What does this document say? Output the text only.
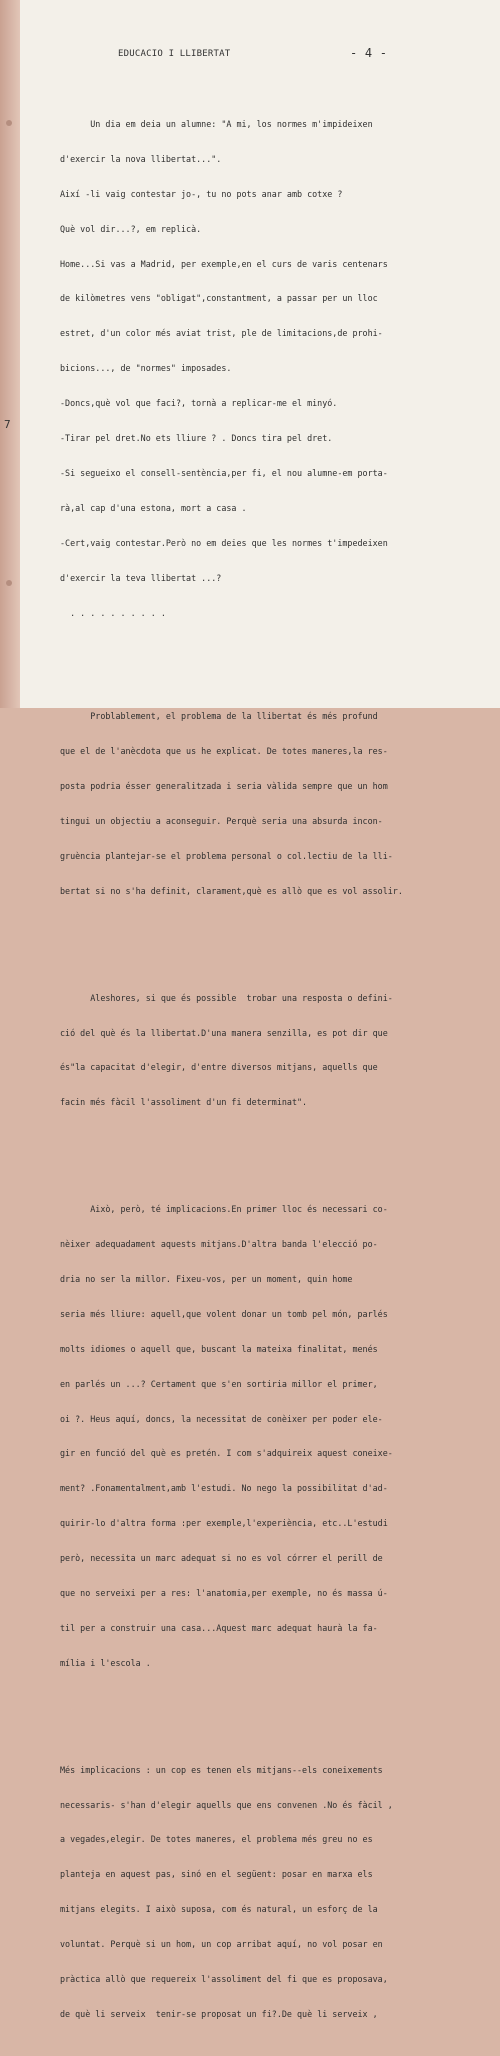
7
EDUCACIO I LLIBERTAT	- 4 -

Un dia em deia un alumne: "A mi, los normes m'impideixen

d'exercir la nova llibertat...".

Així -li vaig contestar jo-, tu no pots anar amb cotxe ?

Què vol dir...?, em replicà.

Home...Si vas a Madrid, per exemple,en el curs de varis centenars

de kilòmetres vens "obligat",constantment, a passar per un lloc

estret, d'un color més aviat trist, ple de limitacions,de prohi-

bicions..., de "normes" imposades.

-Doncs,què vol que faci?, tornà a replicar-me el minyó.

-Tirar pel dret.No ets lliure ? . Doncs tira pel dret.

-Si segueixo el consell-sentència,per fi, el nou alumne-em porta-

rà,al cap d'una estona, mort a casa .

-Cert,vaig contestar.Però no em deies que les normes t'impedeixen

d'exercir la teva llibertat ...?

. . . . . . . . . .

Problablement, el problema de la llibertat és més profund

que el de l'anècdota que us he explicat. De totes maneres,la res-

posta podria ésser generalitzada i seria vàlida sempre que un hom

tingui un objectiu a aconseguir. Perquè seria una absurda incon-

gruència plantejar-se el problema personal o col.lectiu de la lli-

bertat si no s'ha definit, clarament,què es allò que es vol assolir.

Aleshores, si que és possible  trobar una resposta o defini-

ció del què és la llibertat.D'una manera senzilla, es pot dir que

és"la capacitat d'elegir, d'entre diversos mitjans, aquells que

facin més fàcil l'assoliment d'un fi determinat".

Això, però, té implicacions.En primer lloc és necessari co-

nèixer adequadament aquests mitjans.D'altra banda l'elecció po-

dria no ser la millor. Fixeu-vos, per un moment, quin home

seria més lliure: aquell,que volent donar un tomb pel món, parlés

molts idiomes o aquell que, buscant la mateixa finalitat, menés

en parlés un ...? Certament que s'en sortiria millor el primer,

oi ?. Heus aquí, doncs, la necessitat de conèixer per poder ele-

gir en funció del què es pretén. I com s'adquireix aquest coneixe-

ment? .Fonamentalment,amb l'estudi. No nego la possibilitat d'ad-

quirir-lo d'altra forma :per exemple,l'experiència, etc..L'estudi

però, necessita un marc adequat si no es vol córrer el perill de

que no serveixi per a res: l'anatomia,per exemple, no és massa ú-

til per a construir una casa...Aquest marc adequat haurà la fa-

mília i l'escola .

Més implicacions : un cop es tenen els mitjans--els coneixements

necessaris- s'han d'elegir aquells que ens convenen .No és fàcil ,

a vegades,elegir. De totes maneres, el problema més greu no es

planteja en aquest pas, sinó en el següent: posar en marxa els

mitjans elegits. I això suposa, com és natural, un esforç de la

voluntat. Perquè si un hom, un cop arribat aquí, no vol posar en

pràctica allò que requereix l'assoliment del fi que es proposava,

de què li serveix  tenir-se proposat un fi?.De què li serveix ,
